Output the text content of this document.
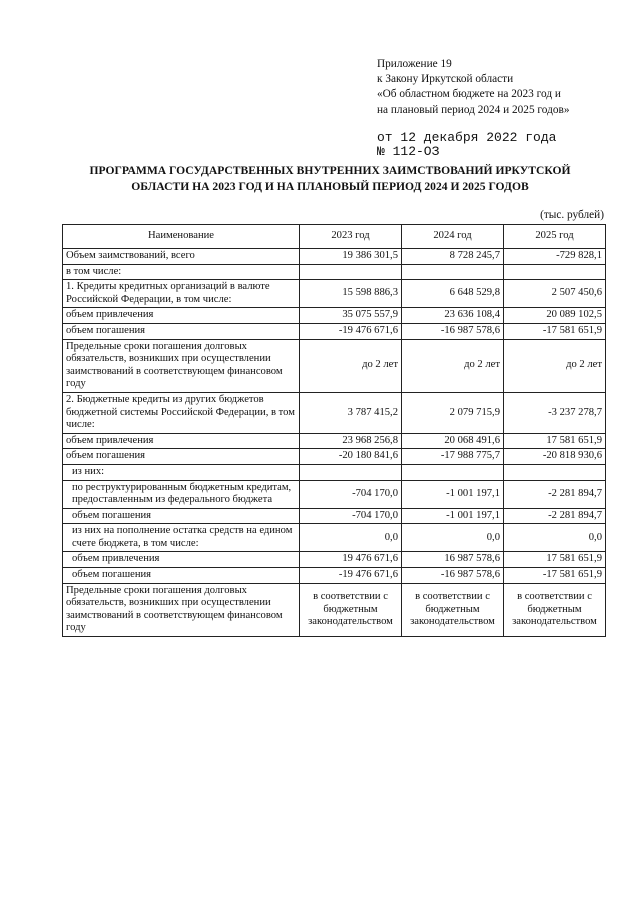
Приложение 19
к Закону Иркутской области
«Об областном бюджете на 2023 год и
на плановый период 2024 и 2025 годов»
от 12 декабря 2022 года
№ 112-ОЗ
ПРОГРАММА ГОСУДАРСТВЕННЫХ ВНУТРЕННИХ ЗАИМСТВОВАНИЙ ИРКУТСКОЙ
ОБЛАСТИ НА 2023 ГОД И НА ПЛАНОВЫЙ ПЕРИОД 2024 И 2025 ГОДОВ
(тыс. рублей)
Наименование	2023 год	2024 год	2025 год
Объем заимствований, всего	19 386 301,5	8 728 245,7	-729 828,1
в том числе:			
1. Кредиты кредитных организаций в валюте Российской Федерации, в том числе:	15 598 886,3	6 648 529,8	2 507 450,6
объем привлечения	35 075 557,9	23 636 108,4	20 089 102,5
объем погашения	-19 476 671,6	-16 987 578,6	-17 581 651,9
Предельные сроки погашения долговых обязательств, возникших при осуществлении заимствований в соответствующем финансовом году	до 2 лет	до 2 лет	до 2 лет
2. Бюджетные кредиты из других бюджетов бюджетной системы Российской Федерации, в том числе:	3 787 415,2	2 079 715,9	-3 237 278,7
объем привлечения	23 968 256,8	20 068 491,6	17 581 651,9
объем погашения	-20 180 841,6	-17 988 775,7	-20 818 930,6
из них:			
по реструктурированным бюджетным кредитам, предоставленным из федерального бюджета	-704 170,0	-1 001 197,1	-2 281 894,7
объем погашения	-704 170,0	-1 001 197,1	-2 281 894,7
из них на пополнение остатка средств на едином счете бюджета, в том числе:	0,0	0,0	0,0
объем привлечения	19 476 671,6	16 987 578,6	17 581 651,9
объем погашения	-19 476 671,6	-16 987 578,6	-17 581 651,9
Предельные сроки погашения долговых обязательств, возникших при осуществлении заимствований в соответствующем финансовом году	в соответствии с бюджетным законодательством	в соответствии с бюджетным законодательством	в соответствии с бюджетным законодательством
